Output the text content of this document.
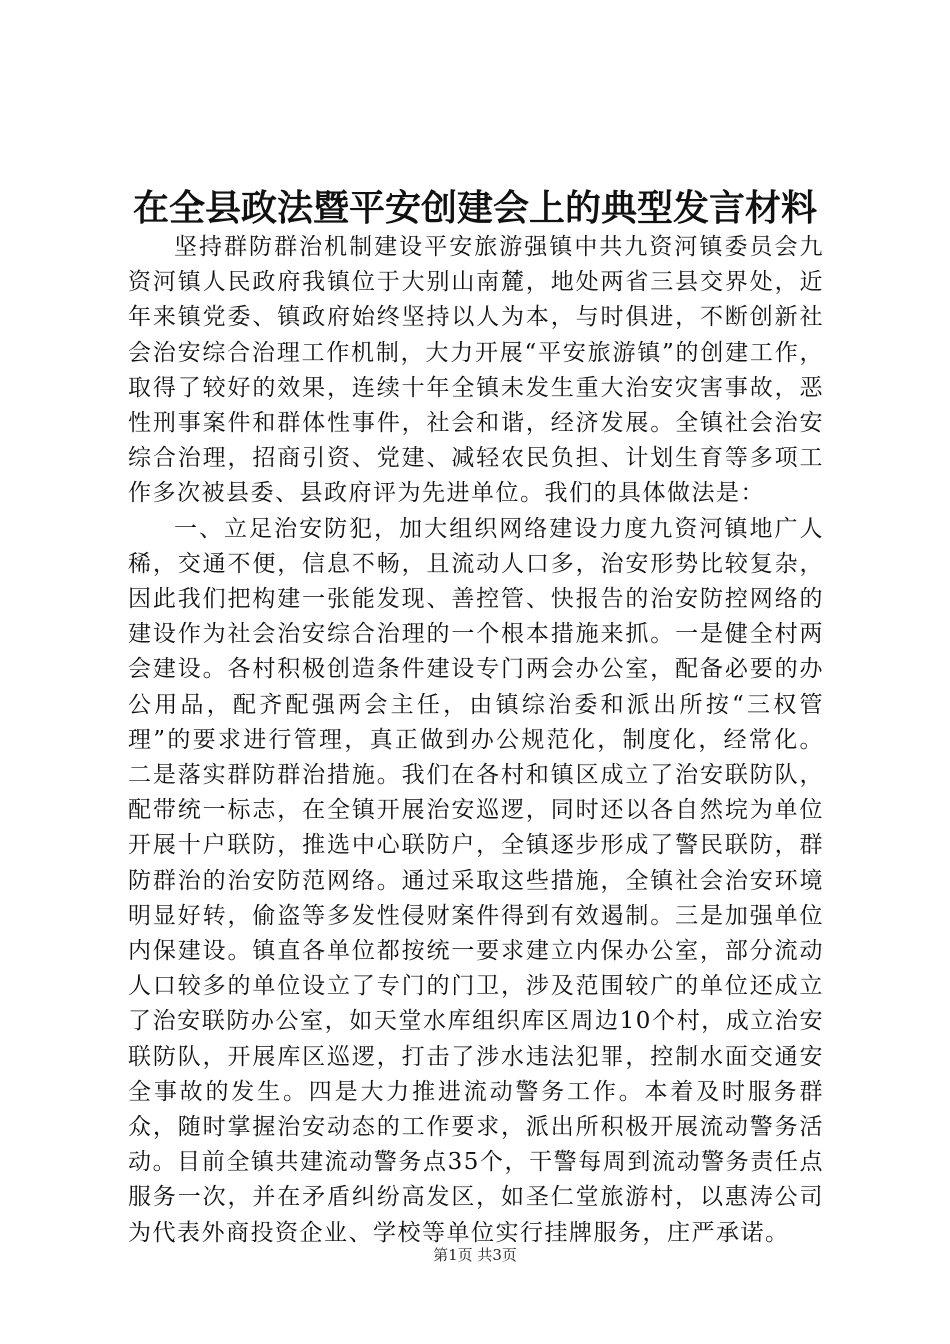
在全县政法暨平安创建会上的典型发言材料

坚持群防群治机制建设平安旅游强镇中共九资河镇委员会九资河镇人民政府我镇位于大别山南麓，地处两省三县交界处，近年来镇党委、镇政府始终坚持以人为本，与时俱进，不断创新社会治安综合治理工作机制，大力开展“平安旅游镇”的创建工作，取得了较好的效果，连续十年全镇未发生重大治安灾害事故，恶性刑事案件和群体性事件，社会和谐，经济发展。全镇社会治安综合治理，招商引资、党建、减轻农民负担、计划生育等多项工作多次被县委、县政府评为先进单位。我们的具体做法是：

一、立足治安防犯，加大组织网络建设力度九资河镇地广人稀，交通不便，信息不畅，且流动人口多，治安形势比较复杂，因此我们把构建一张能发现、善控管、快报告的治安防控网络的建设作为社会治安综合治理的一个根本措施来抓。一是健全村两会建设。各村积极创造条件建设专门两会办公室，配备必要的办公用品，配齐配强两会主任，由镇综治委和派出所按“三权管理”的要求进行管理，真正做到办公规范化，制度化，经常化。二是落实群防群治措施。我们在各村和镇区成立了治安联防队，配带统一标志，在全镇开展治安巡逻，同时还以各自然垸为单位开展十户联防，推选中心联防户，全镇逐步形成了警民联防，群防群治的治安防范网络。通过采取这些措施，全镇社会治安环境明显好转，偷盗等多发性侵财案件得到有效遏制。三是加强单位内保建设。镇直各单位都按统一要求建立内保办公室，部分流动人口较多的单位设立了专门的门卫，涉及范围较广的单位还成立了治安联防办公室，如天堂水库组织库区周边10个村，成立治安联防队，开展库区巡逻，打击了涉水违法犯罪，控制水面交通安全事故的发生。四是大力推进流动警务工作。本着及时服务群众，随时掌握治安动态的工作要求，派出所积极开展流动警务活动。目前全镇共建流动警务点35个，干警每周到流动警务责任点服务一次，并在矛盾纠纷高发区，如圣仁堂旅游村，以惠涛公司为代表外商投资企业、学校等单位实行挂牌服务，庄严承诺。

第1页 共3页
